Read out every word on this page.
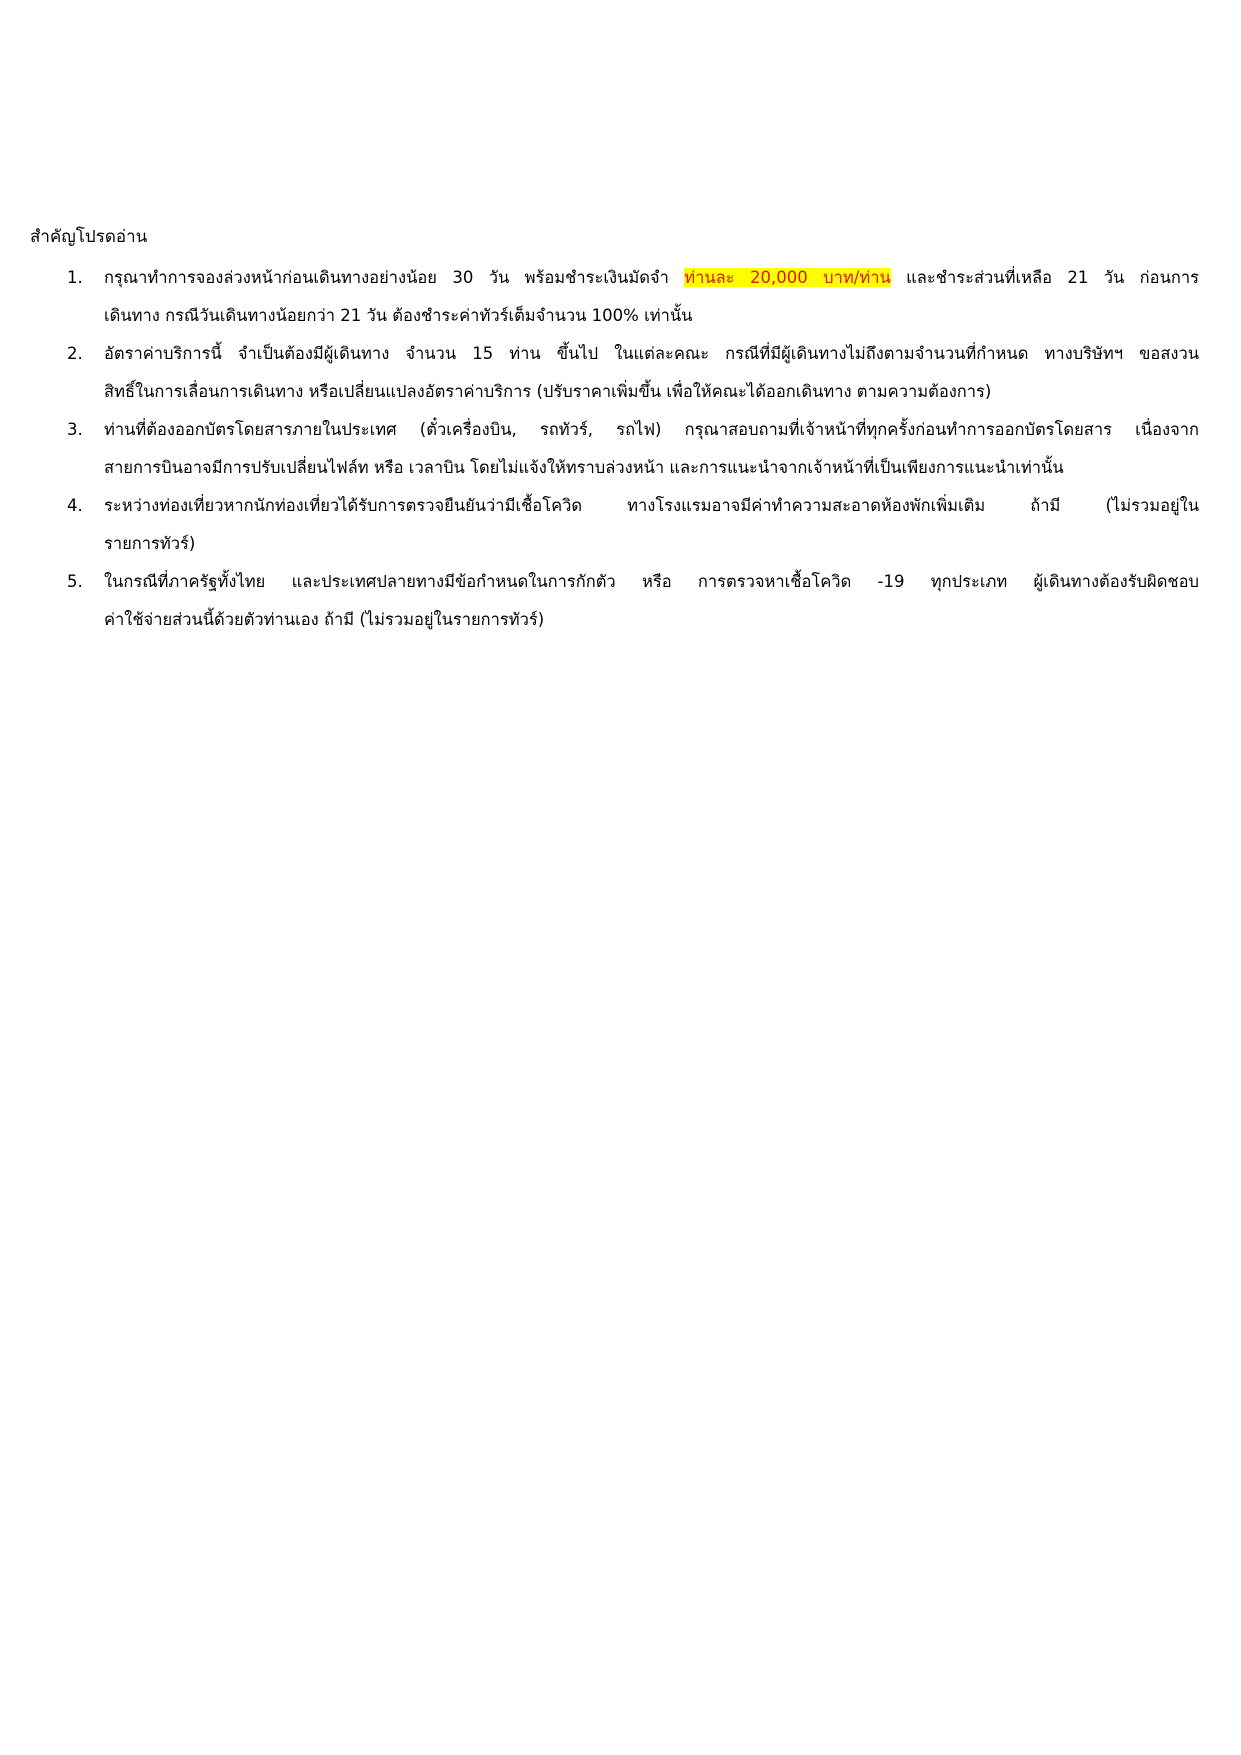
สำคัญโปรดอ่าน
1. กรุณาทำการจองล่วงหน้าก่อนเดินทางอย่างน้อย 30 วัน พร้อมชำระเงินมัดจำ ท่านละ 20,000 บาท/ท่าน และชำระส่วนที่เหลือ 21 วัน ก่อนการ
เดินทาง กรณีวันเดินทางน้อยกว่า 21 วัน ต้องชำระค่าทัวร์เต็มจำนวน 100% เท่านั้น
2. อัตราค่าบริการนี้ จำเป็นต้องมีผู้เดินทาง จำนวน 15 ท่าน ขึ้นไป ในแต่ละคณะ กรณีที่มีผู้เดินทางไม่ถึงตามจำนวนที่กำหนด ทางบริษัทฯ ขอสงวน
สิทธิ์ในการเลื่อนการเดินทาง หรือเปลี่ยนแปลงอัตราค่าบริการ (ปรับราคาเพิ่มขึ้น เพื่อให้คณะได้ออกเดินทาง ตามความต้องการ)
3. ท่านที่ต้องออกบัตรโดยสารภายในประเทศ (ตั๋วเครื่องบิน, รถทัวร์, รถไฟ) กรุณาสอบถามที่เจ้าหน้าที่ทุกครั้งก่อนทำการออกบัตรโดยสาร เนื่องจาก
สายการบินอาจมีการปรับเปลี่ยนไฟล์ท หรือ เวลาบิน โดยไม่แจ้งให้ทราบล่วงหน้า และการแนะนำจากเจ้าหน้าที่เป็นเพียงการแนะนำเท่านั้น
4. ระหว่างท่องเที่ยวหากนักท่องเที่ยวได้รับการตรวจยืนยันว่ามีเชื้อโควิด ทางโรงแรมอาจมีค่าทำความสะอาดห้องพักเพิ่มเติม ถ้ามี (ไม่รวมอยู่ใน
รายการทัวร์)
5. ในกรณีที่ภาครัฐทั้งไทย และประเทศปลายทางมีข้อกำหนดในการกักตัว หรือ การตรวจหาเชื้อโควิด -19 ทุกประเภท ผู้เดินทางต้องรับผิดชอบ
ค่าใช้จ่ายส่วนนี้ด้วยตัวท่านเอง ถ้ามี (ไม่รวมอยู่ในรายการทัวร์)
